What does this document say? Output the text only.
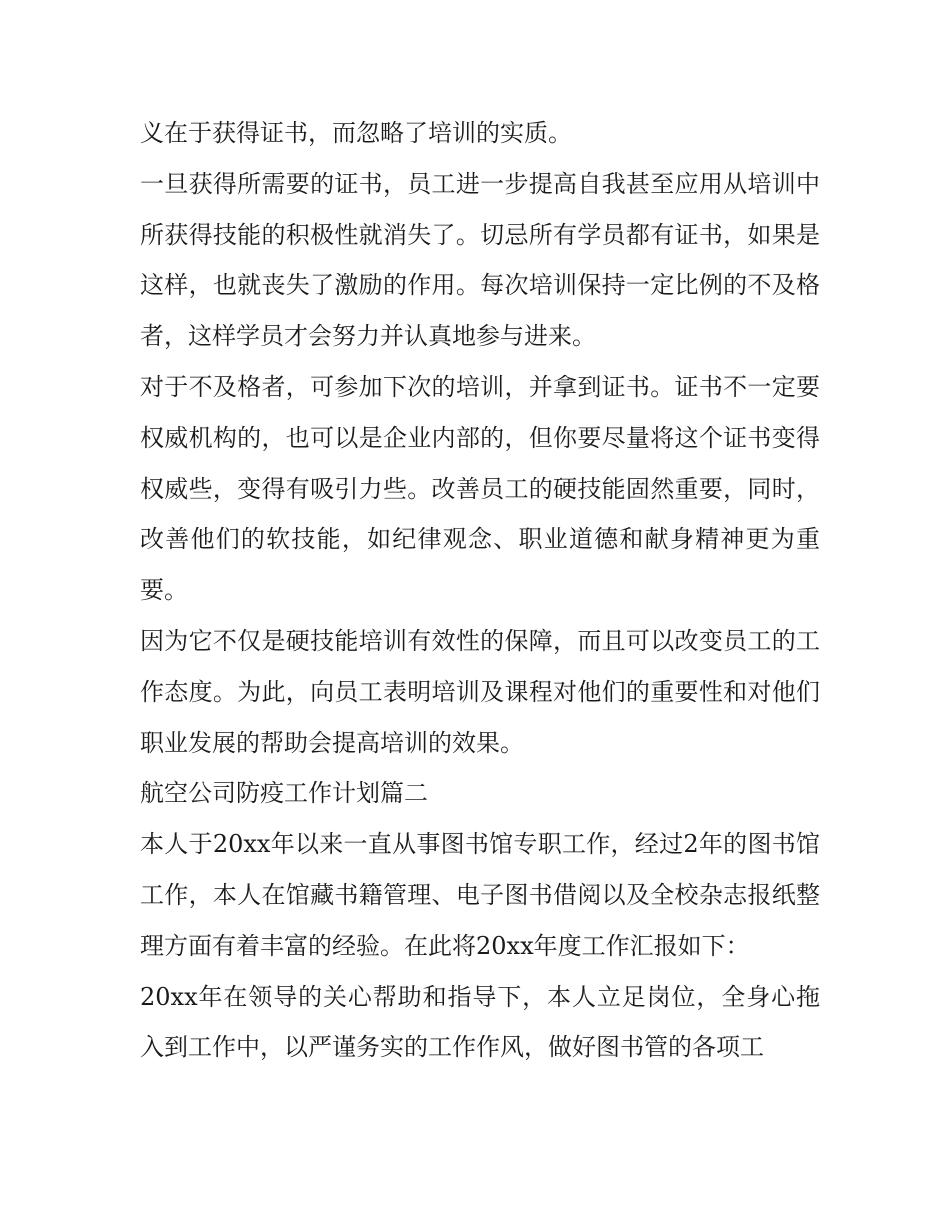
义在于获得证书，而忽略了培训的实质。

一旦获得所需要的证书，员工进一步提高自我甚至应用从培训中所获得技能的积极性就消失了。切忌所有学员都有证书，如果是这样，也就丧失了激励的作用。每次培训保持一定比例的不及格者，这样学员才会努力并认真地参与进来。

对于不及格者，可参加下次的培训，并拿到证书。证书不一定要权威机构的，也可以是企业内部的，但你要尽量将这个证书变得权威些，变得有吸引力些。改善员工的硬技能固然重要，同时，改善他们的软技能，如纪律观念、职业道德和献身精神更为重要。

因为它不仅是硬技能培训有效性的保障，而且可以改变员工的工作态度。为此，向员工表明培训及课程对他们的重要性和对他们职业发展的帮助会提高培训的效果。

航空公司防疫工作计划篇二

本人于20xx年以来一直从事图书馆专职工作，经过2年的图书馆工作，本人在馆藏书籍管理、电子图书借阅以及全校杂志报纸整理方面有着丰富的经验。在此将20xx年度工作汇报如下：

20xx年在领导的关心帮助和指导下，本人立足岗位，全身心拖入到工作中，以严谨务实的工作作风，做好图书管的各项工
